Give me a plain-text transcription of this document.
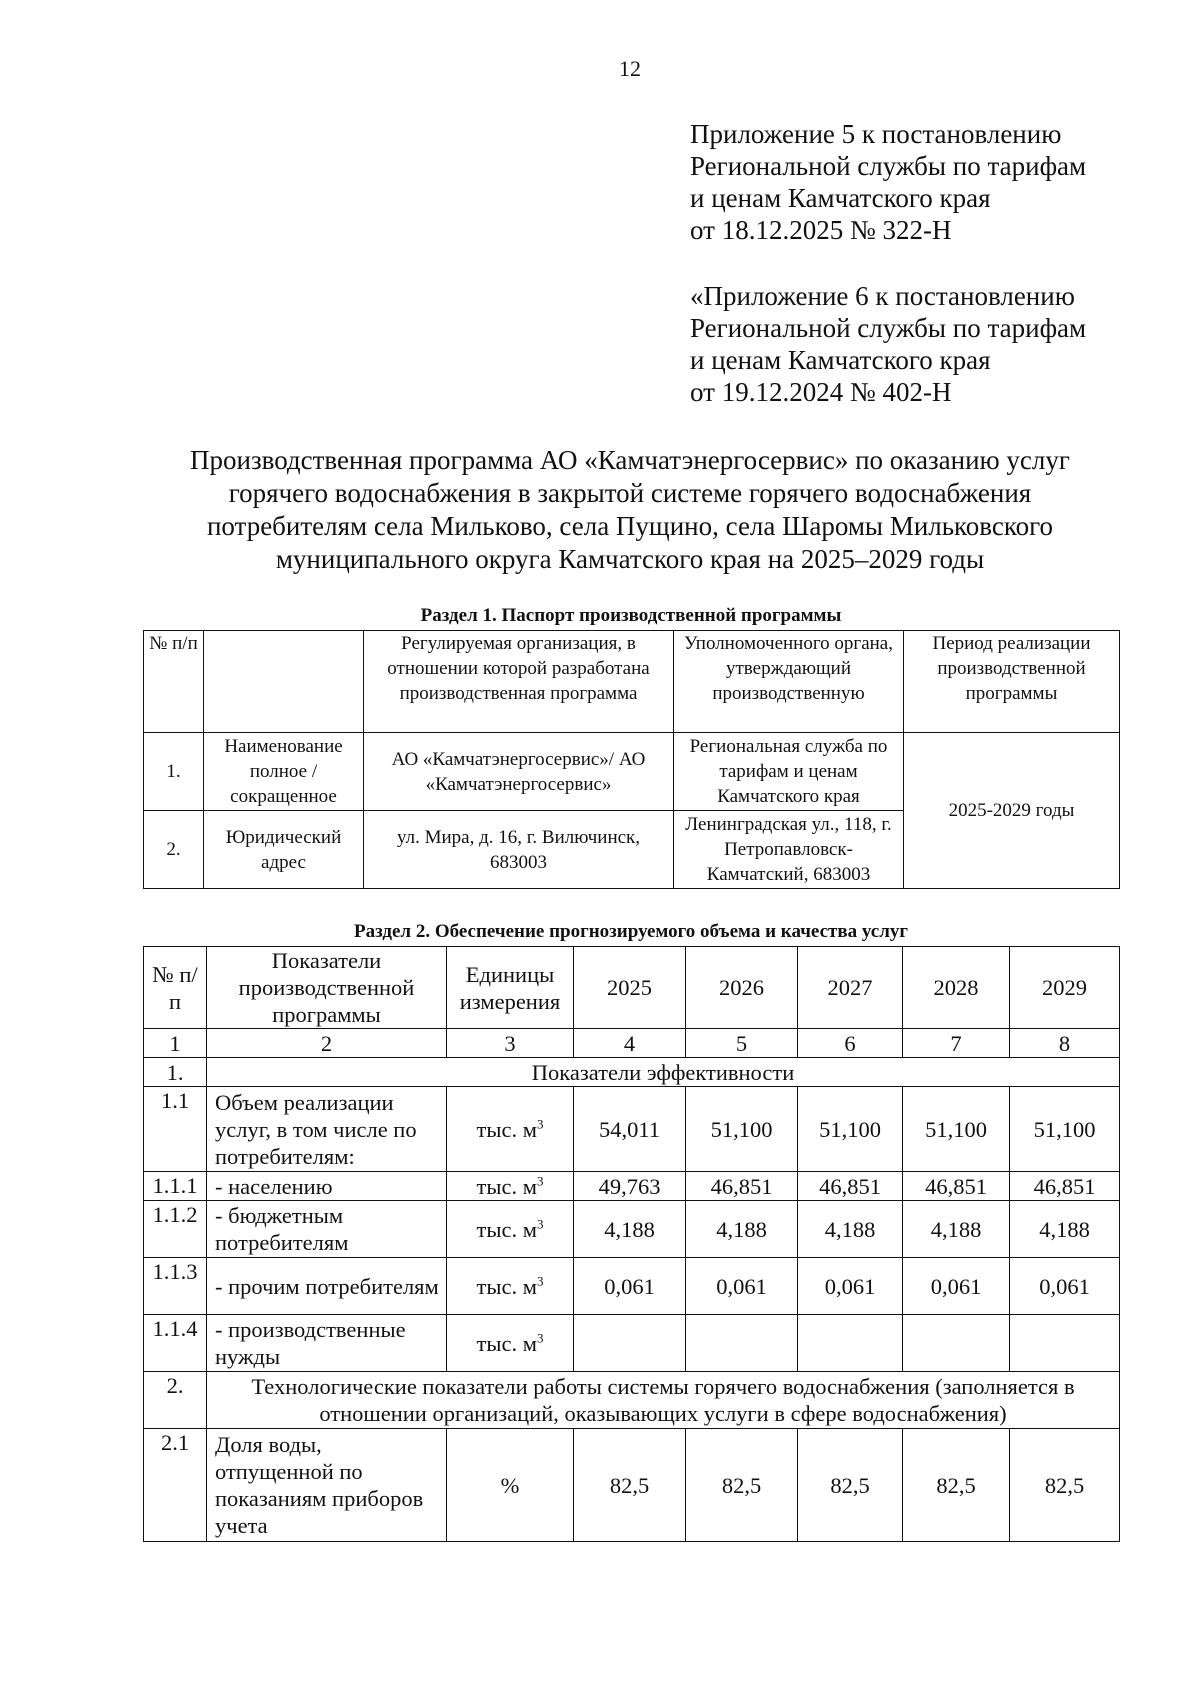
12
Приложение 5 к постановлению
Региональной службы по тарифам
и ценам Камчатского края
от 18.12.2025 № 322-Н
«Приложение 6 к постановлению
Региональной службы по тарифам
и ценам Камчатского края
от 19.12.2024 № 402-Н
Производственная программа АО «Камчатэнергосервис» по оказанию услуг
горячего водоснабжения в закрытой системе горячего водоснабжения
потребителям села Мильково, села Пущино, села Шаромы Мильковского
муниципального округа Камчатского края на 2025–2029 годы
Раздел 1. Паспорт производственной программы
№ п/п		Регулируемая организация, в отношении которой разработана производственная программа	Уполномоченного органа, утверждающий производственную	Период реализации производственной программы
1.	Наименование полное / сокращенное	АО «Камчатэнергосервис»/ АО «Камчатэнергосервис»	Региональная служба по тарифам и ценам Камчатского края	2025-2029 годы
2.	Юридический адрес	ул. Мира, д. 16, г. Вилючинск, 683003	Ленинградская ул., 118, г. Петропавловск-Камчатский, 683003	
Раздел 2. Обеспечение прогнозируемого объема и качества услуг
№ п/п	Показатели производственной программы	Единицы измерения	2025	2026	2027	2028	2029
1	2	3	4	5	6	7	8
1.	Показатели эффективности						
1.1	Объем реализации услуг, в том числе по потребителям:	тыс. $м^3$	54,011	51,100	51,100	51,100	51,100
1.1.1	- населению	тыс. $м^3$	49,763	46,851	46,851	46,851	46,851
1.1.2	- бюджетным потребителям	тыс. $м^3$	4,188	4,188	4,188	4,188	4,188
1.1.3	- прочим потребителям	тыс. $м^3$	0,061	0,061	0,061	0,061	0,061
1.1.4	- производственные нужды	тыс. $м^3$					
2.	Технологические показатели работы системы горячего водоснабжения (заполняется в отношении организаций, оказывающих услуги в сфере водоснабжения)						
2.1	Доля воды, отпущенной по показаниям приборов учета	%	82,5	82,5	82,5	82,5	82,5
